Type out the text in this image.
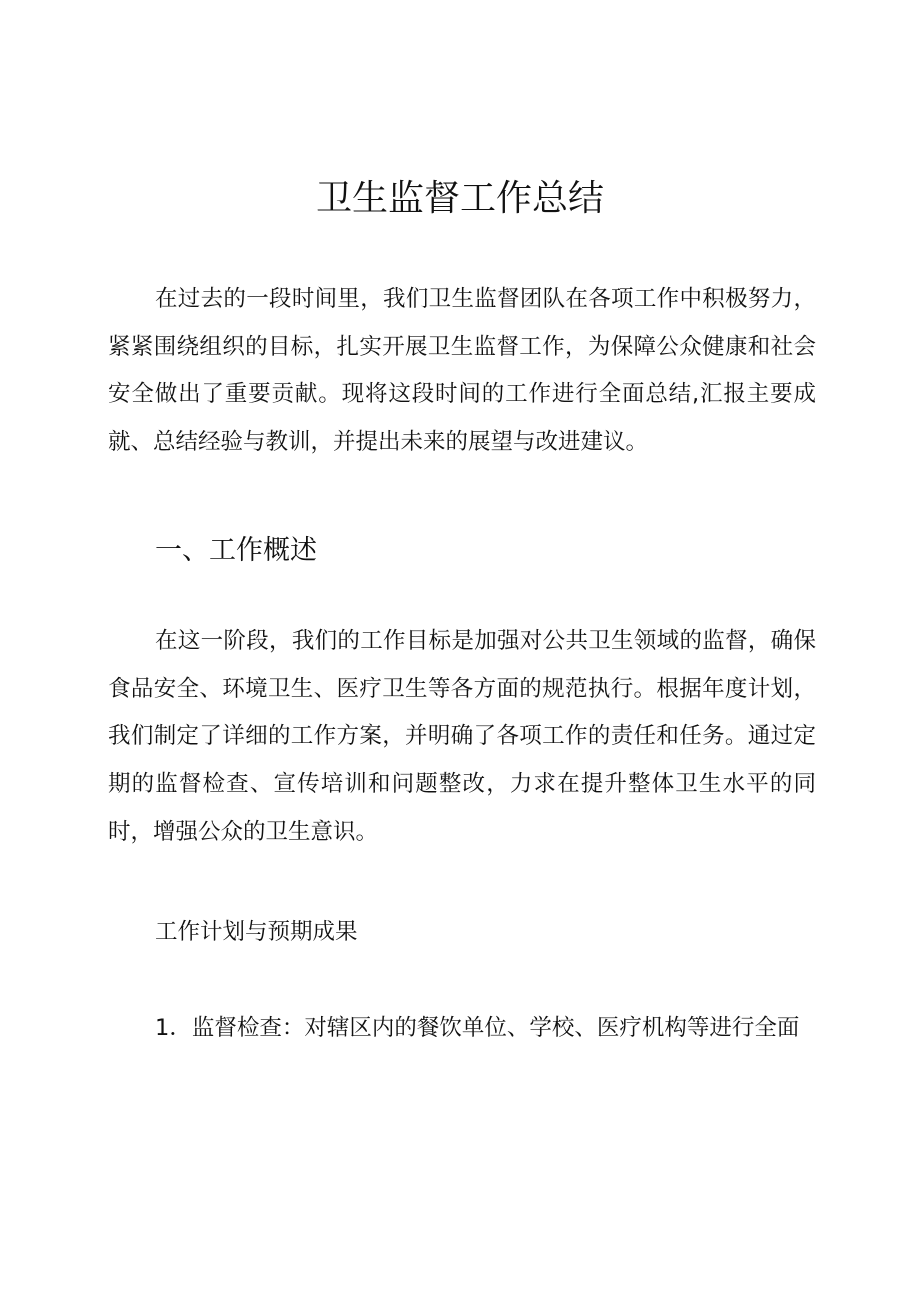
卫生监督工作总结

在过去的一段时间里，我们卫生监督团队在各项工作中积极努力，紧紧围绕组织的目标，扎实开展卫生监督工作，为保障公众健康和社会安全做出了重要贡献。现将这段时间的工作进行全面总结,汇报主要成就、总结经验与教训，并提出未来的展望与改进建议。

一、工作概述

在这一阶段，我们的工作目标是加强对公共卫生领域的监督，确保食品安全、环境卫生、医疗卫生等各方面的规范执行。根据年度计划，我们制定了详细的工作方案，并明确了各项工作的责任和任务。通过定期的监督检查、宣传培训和问题整改，力求在提升整体卫生水平的同时，增强公众的卫生意识。

工作计划与预期成果

1．监督检查：对辖区内的餐饮单位、学校、医疗机构等进行全面
